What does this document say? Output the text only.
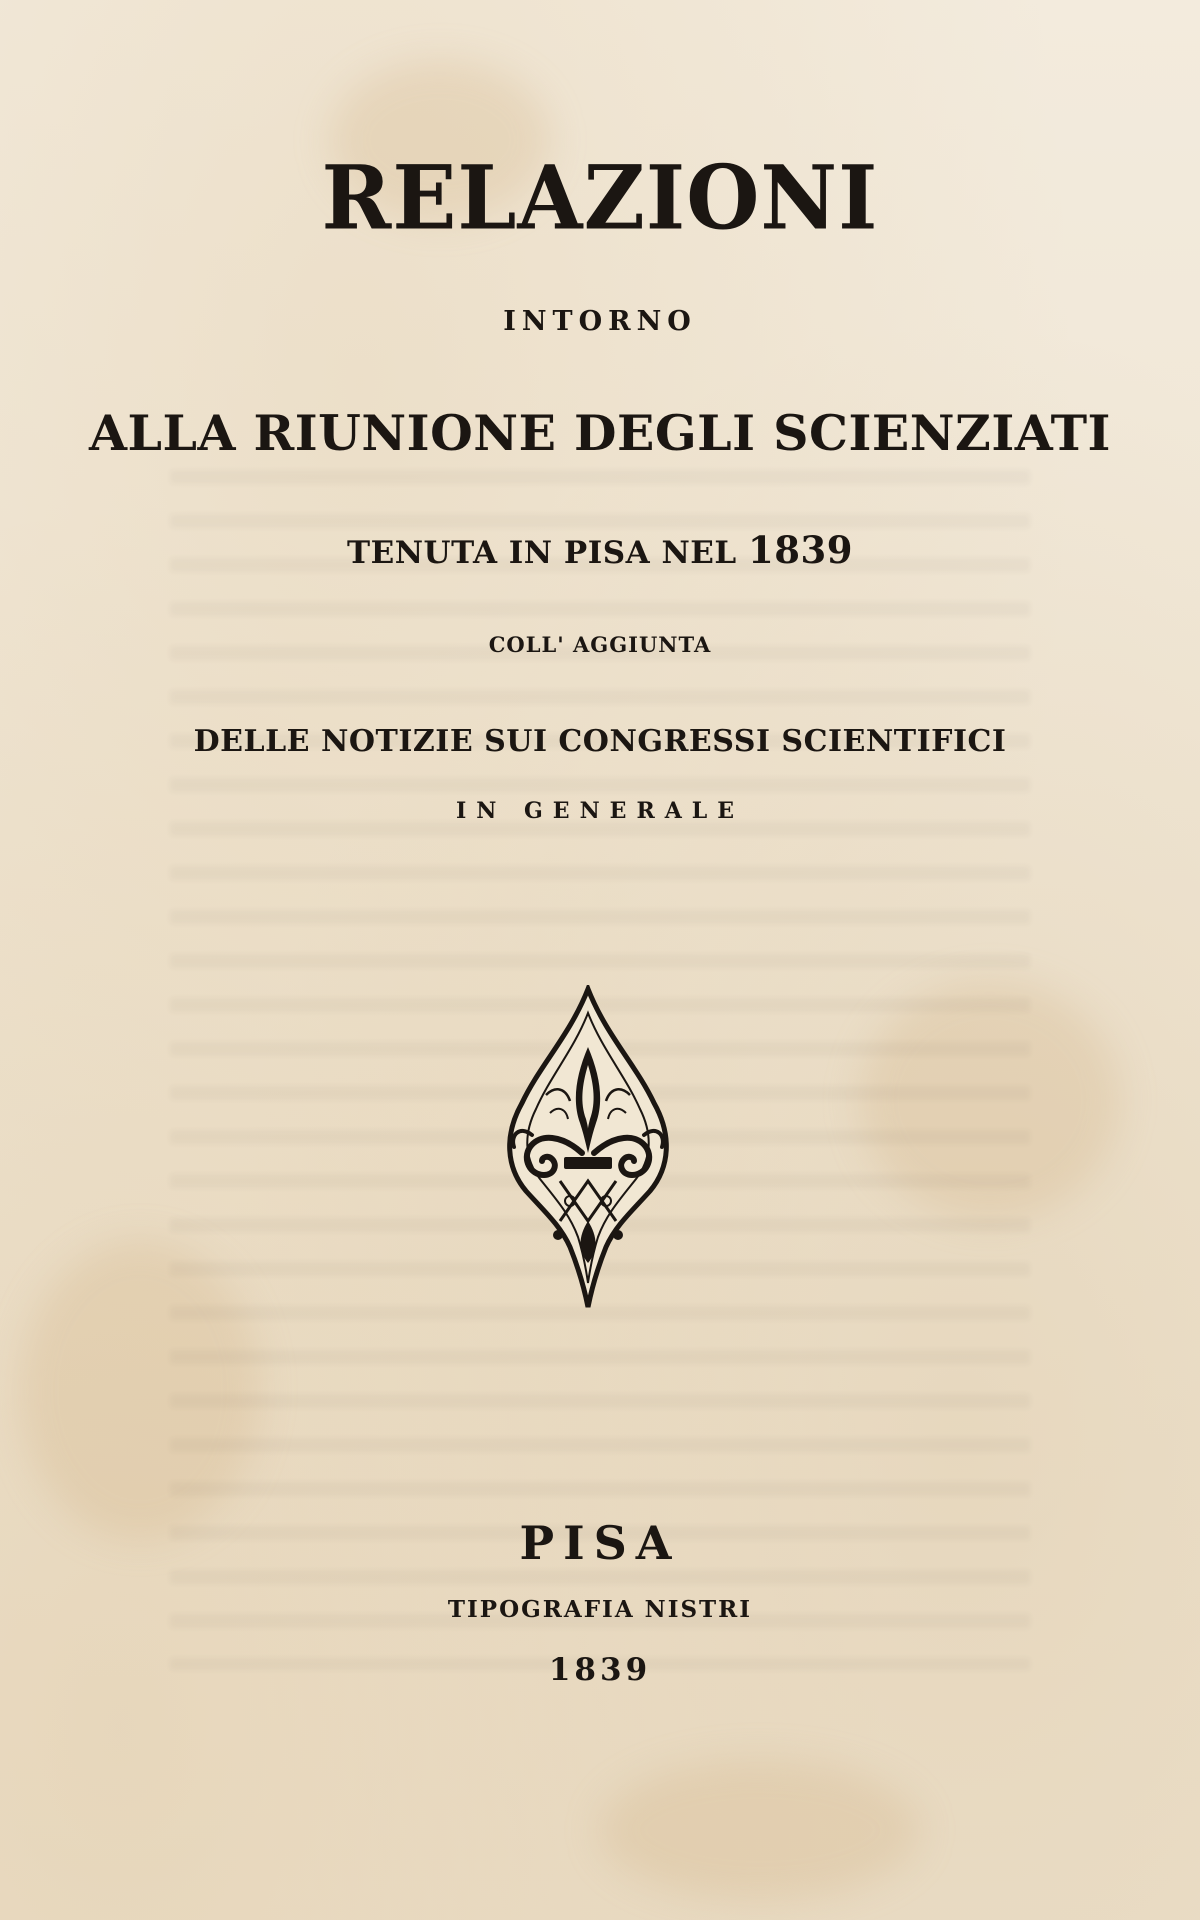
RELAZIONI
INTORNO
ALLA RIUNIONE DEGLI SCIENZIATI
TENUTA IN PISA NEL 1839
COLL' AGGIUNTA
DELLE NOTIZIE SUI CONGRESSI SCIENTIFICI
IN GENERALE
PISA
TIPOGRAFIA NISTRI
1839
